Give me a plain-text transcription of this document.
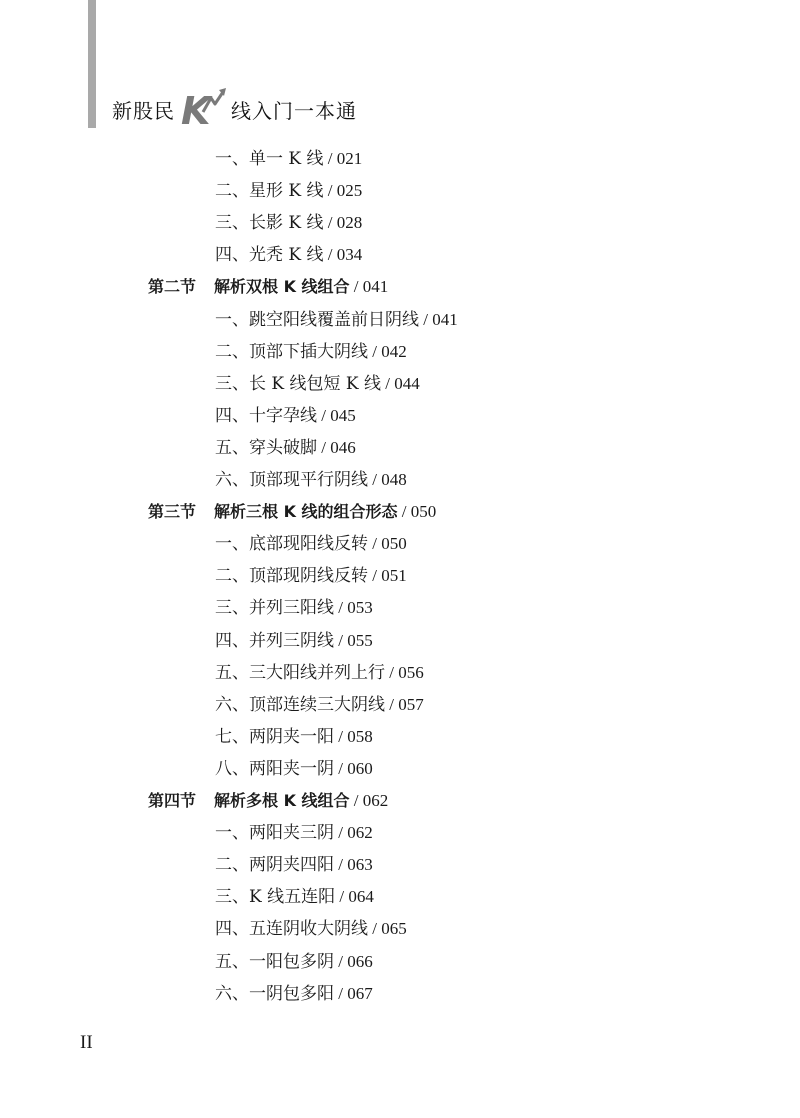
新股民 K 线入门一本通
一、单一 K 线 / 021
二、星形 K 线 / 025
三、长影 K 线 / 028
四、光秃 K 线 / 034
第二节 解析双根 K 线组合 / 041
一、跳空阳线覆盖前日阴线 / 041
二、顶部下插大阴线 / 042
三、长 K 线包短 K 线 / 044
四、十字孕线 / 045
五、穿头破脚 / 046
六、顶部现平行阴线 / 048
第三节 解析三根 K 线的组合形态 / 050
一、底部现阳线反转 / 050
二、顶部现阴线反转 / 051
三、并列三阳线 / 053
四、并列三阴线 / 055
五、三大阳线并列上行 / 056
六、顶部连续三大阴线 / 057
七、两阴夹一阳 / 058
八、两阳夹一阴 / 060
第四节 解析多根 K 线组合 / 062
一、两阳夹三阴 / 062
二、两阴夹四阳 / 063
三、K 线五连阳 / 064
四、五连阴收大阴线 / 065
五、一阳包多阴 / 066
六、一阴包多阳 / 067
II
